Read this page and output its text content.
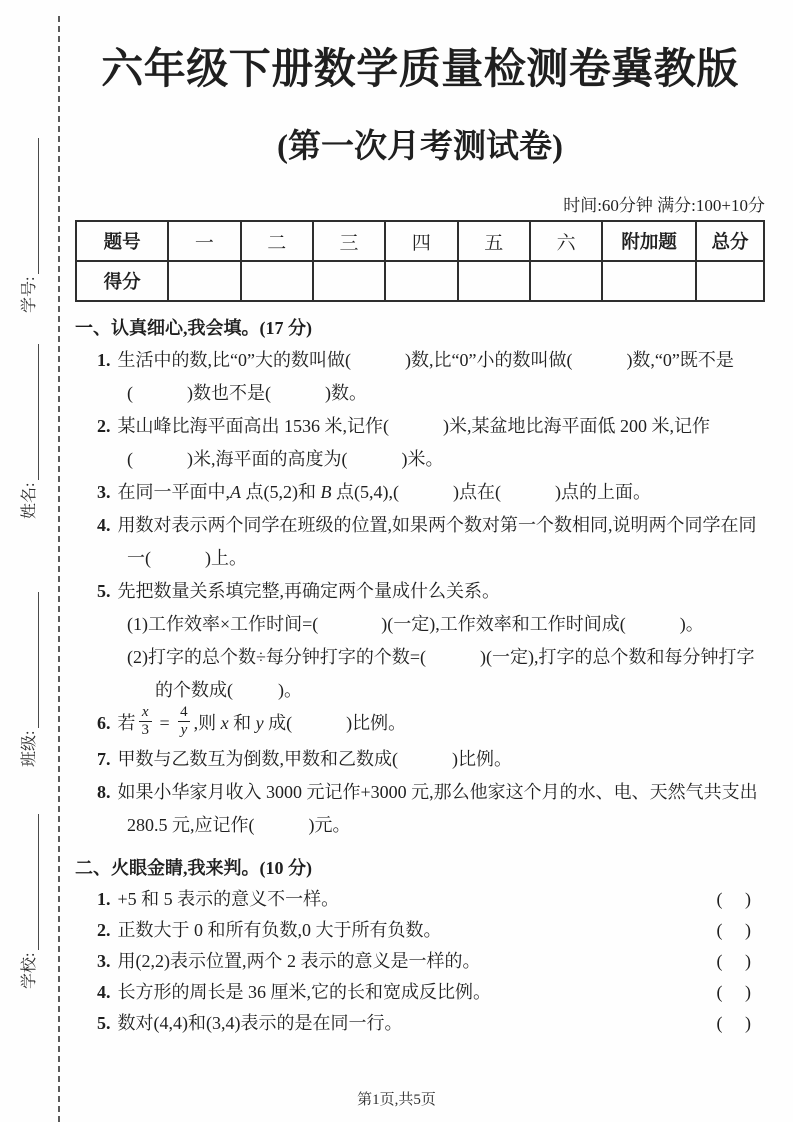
学号:
姓名:
班级:
学校:
六年级下册数学质量检测卷冀教版
(第一次月考测试卷)
时间:60分钟 满分:100+10分
题号	一	二	三	四	五	六	附加题	总分
得分								
一、认真细心,我会填。(17 分)
1. 生活中的数,比“0”大的数叫做(            )数,比“0”小的数叫做(            )数,“0”既不是(            )数也不是(            )数。
2. 某山峰比海平面高出 1536 米,记作(            )米,某盆地比海平面低 200 米,记作(            )米,海平面的高度为(            )米。
3. 在同一平面中,A 点(5,2)和 B 点(5,4),(            )点在(            )点的上面。
4. 用数对表示两个同学在班级的位置,如果两个数对第一个数相同,说明两个同学在同一(            )上。
5. 先把数量关系填完整,再确定两个量成什么关系。
(1)工作效率×工作时间=(              )(一定),工作效率和工作时间成(            )。
(2)打字的总个数÷每分钟打字的个数=(            )(一定),打字的总个数和每分钟打字的个数成(          )。
6. 若 $\frac{x}{3} = \frac{4}{y}$ ,则 x 和 y 成(            )比例。
7. 甲数与乙数互为倒数,甲数和乙数成(            )比例。
8. 如果小华家月收入 3000 元记作+3000 元,那么他家这个月的水、电、天然气共支出 280.5 元,应记作(            )元。
二、火眼金睛,我来判。(10 分)
1. +5 和 5 表示的意义不一样。	(     )
2. 正数大于 0 和所有负数,0 大于所有负数。	(     )
3. 用(2,2)表示位置,两个 2 表示的意义是一样的。	(     )
4. 长方形的周长是 36 厘米,它的长和宽成反比例。	(     )
5. 数对(4,4)和(3,4)表示的是在同一行。	(     )
第1页,共5页
